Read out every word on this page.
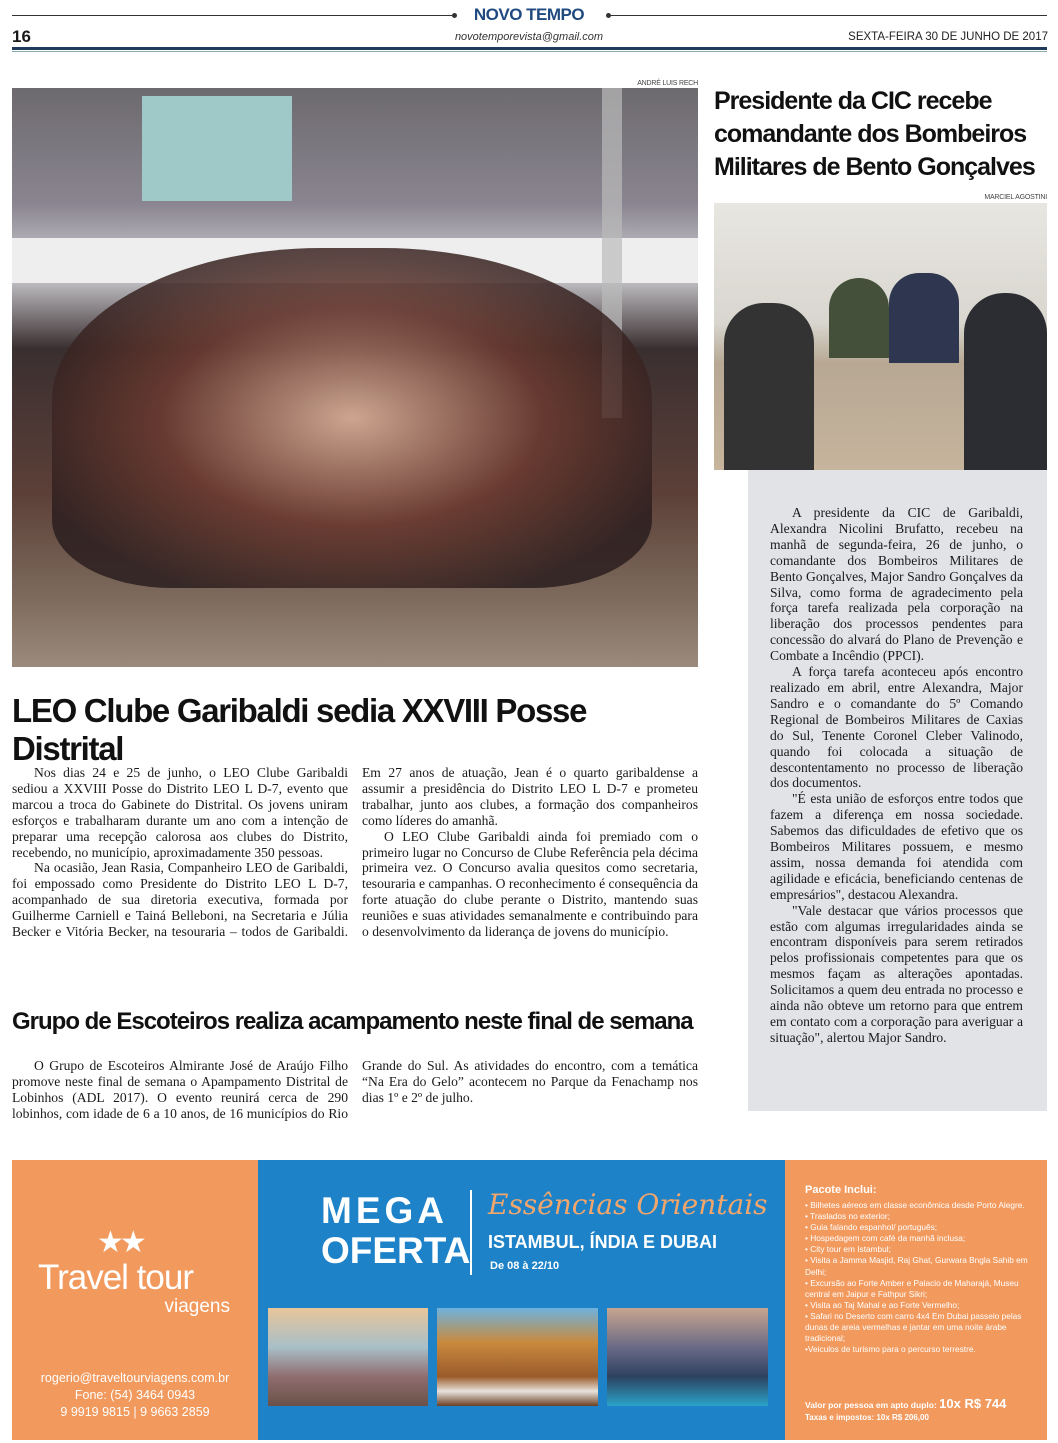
NOVO TEMPO
16	novotemporevista@gmail.com	SEXTA-FEIRA 30 DE JUNHO DE 2017
ANDRÉ LUIS RECH
Presidente da CIC recebe comandante dos Bombeiros Militares de Bento Gonçalves
MARCIEL AGOSTINI

A presidente da CIC de Garibaldi, Alexandra Nicolini Brufatto, recebeu na manhã de segunda-feira, 26 de junho, o comandante dos Bombeiros Militares de Bento Gonçalves, Major Sandro Gonçalves da Silva, como forma de agradecimento pela força tarefa realizada pela corporação na liberação dos processos pendentes para concessão do alvará do Plano de Prevenção e Combate a Incêndio (PPCI).

A força tarefa aconteceu após encontro realizado em abril, entre Alexandra, Major Sandro e o comandante do 5º Comando Regional de Bombeiros Militares de Caxias do Sul, Tenente Coronel Cleber Valinodo, quando foi colocada a situação de descontentamento no processo de liberação dos documentos.

"É esta união de esforços entre todos que fazem a diferença em nossa sociedade. Sabemos das dificuldades de efetivo que os Bombeiros Militares possuem, e mesmo assim, nossa demanda foi atendida com agilidade e eficácia, beneficiando centenas de empresários", destacou Alexandra.

"Vale destacar que vários processos que estão com algumas irregularidades ainda se encontram disponíveis para serem retirados pelos profissionais competentes para que os mesmos façam as alterações apontadas. Solicitamos a quem deu entrada no processo e ainda não obteve um retorno para que entrem em contato com a corporação para averiguar a situação", alertou Major Sandro.

LEO Clube Garibaldi sedia XXVIII Posse Distrital

Nos dias 24 e 25 de junho, o LEO Clube Garibaldi sediou a XXVIII Posse do Distrito LEO L D-7, evento que marcou a troca do Gabinete do Distrital. Os jovens uniram esforços e trabalharam durante um ano com a intenção de preparar uma recepção calorosa aos clubes do Distrito, recebendo, no município, aproximadamente 350 pessoas.

Na ocasião, Jean Rasia, Companheiro LEO de Garibaldi, foi empossado como Presidente do Distrito LEO L D-7, acompanhado de sua diretoria executiva, formada por Guilherme Carniell e Tainá Belleboni, na Secretaria e Júlia Becker e Vitória Becker, na tesouraria – todos de Garibaldi. Em 27 anos de atuação, Jean é o quarto garibaldense a assumir a presidência do Distrito LEO L D-7 e prometeu trabalhar, junto aos clubes, a formação dos companheiros como líderes do amanhã.

O LEO Clube Garibaldi ainda foi premiado com o primeiro lugar no Concurso de Clube Referência pela décima primeira vez. O Concurso avalia quesitos como secretaria, tesouraria e campanhas. O reconhecimento é consequência da forte atuação do clube perante o Distrito, mantendo suas reuniões e suas atividades semanalmente e contribuindo para o desenvolvimento da liderança de jovens do município.

Grupo de Escoteiros realiza acampamento neste final de semana

O Grupo de Escoteiros Almirante José de Araújo Filho promove neste final de semana o Apampamento Distrital de Lobinhos (ADL 2017). O evento reunirá cerca de 290 lobinhos, com idade de 6 a 10 anos, de 16 municípios do Rio Grande do Sul. As atividades do encontro, com a temática “Na Era do Gelo” acontecem no Parque da Fenachamp nos dias 1º e 2º de julho.

★★
Travel tour
viagens
rogerio@traveltourviagens.com.br
Fone: (54) 3464 0943
9 9919 9815 | 9 9663 2859
MEGA
OFERTA
Essências Orientais
ISTAMBUL, ÍNDIA E DUBAI
De 08 à 22/10
Pacote Inclui:
• Bilhetes aéreos em classe econômica desde Porto Alegre.
• Traslados no exterior;
• Guia falando espanhol/ português;
• Hospedagem com café da manhã inclusa;
• City tour em Istambul;
• Visita a Jamma Masjid, Raj Ghat, Gurwara Bngla Sahib em Delhi;
• Excursão ao Forte Amber e Palacio de Maharajá, Museu central em Jaipur e Fathpur Sikri;
• Visita ao Taj Mahal e ao Forte Vermelho;
• Safari no Deserto com carro 4x4 Em Dubai passeio pelas dunas de areia vermelhas e jantar em uma noite árabe tradicional;
•Veiculos de turismo para o percurso terrestre.
Valor por pessoa em apto duplo: 10x R$ 744
Taxas e impostos: 10x R$ 206,00
